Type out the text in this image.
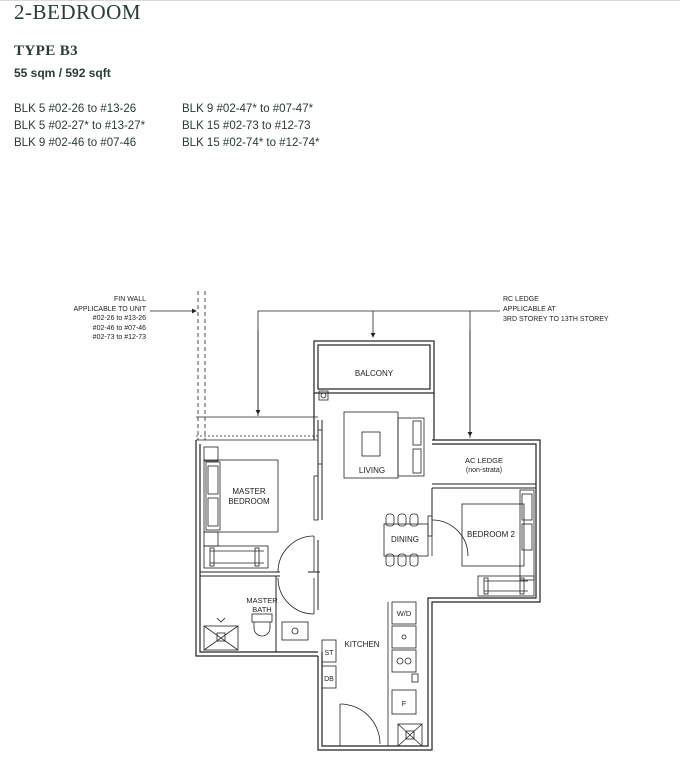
2-BEDROOM
TYPE B3
55 sqm / 592 sqft
BLK 5 #02-26 to #13-26
BLK 5 #02-27* to #13-27*
BLK 9 #02-46 to #07-46
BLK 9 #02-47* to #07-47*
BLK 15 #02-73 to #12-73
BLK 15 #02-74* to #12-74*
FIN WALL
APPLICABLE TO UNIT
#02-26 to #13-26
#02-46 to #07-46
#02-73 to #12-73
RC LEDGE
APPLICABLE AT
3RD STOREY TO 13TH STOREY
BALCONY
LIVING
MASTER
BEDROOM
AC LEDGE
(non-strata)
BEDROOM 2
DINING
MASTER
BATH
KITCHEN
ST
DB
W/D
F
